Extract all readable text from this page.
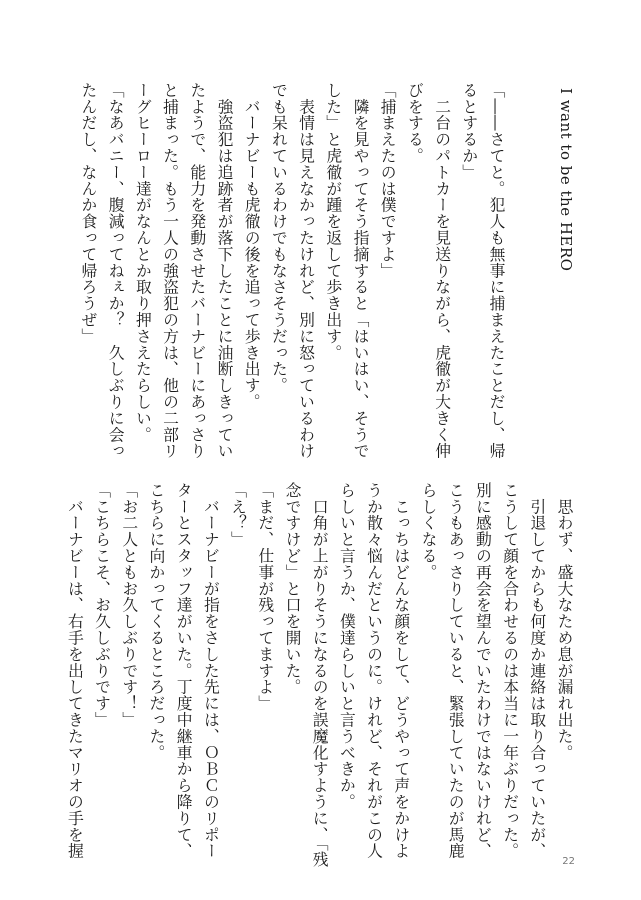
I want to be the HERO
「――さてと。犯人も無事に捕まえたことだし、帰
るとするか」
　二台のパトカーを見送りながら、虎徹が大きく伸
びをする。
「捕まえたのは僕ですよ」
　隣を見やってそう指摘すると「はいはい、そうで
した」と虎徹が踵を返して歩き出す。
　表情は見えなかったけれど、別に怒っているわけ
でも呆れているわけでもなさそうだった。
　バーナビーも虎徹の後を追って歩き出す。
　強盗犯は追跡者が落下したことに油断しきってい
たようで、能力を発動させたバーナビーにあっさり
と捕まった。もう一人の強盗犯の方は、他の二部リ
ーグヒーロー達がなんとか取り押さえたらしい。
「なあバニー、腹減ってねぇか？　久しぶりに会っ
たんだし、なんか食って帰ろうぜ」
　思わず、盛大なため息が漏れ出た。
　引退してからも何度か連絡は取り合っていたが、
こうして顔を合わせるのは本当に一年ぶりだった。
別に感動の再会を望んでいたわけではないけれど、
こうもあっさりしていると、緊張していたのが馬鹿
らしくなる。
　こっちはどんな顔をして、どうやって声をかけよ
うか散々悩んだというのに。けれど、それがこの人
らしいと言うか、僕達らしいと言うべきか。
　口角が上がりそうになるのを誤魔化すように、「残
念ですけど」と口を開いた。
「まだ、仕事が残ってますよ」
「え？」
　バーナビーが指をさした先には、ＯＢＣのリポー
ターとスタッフ達がいた。丁度中継車から降りて、
こちらに向かってくるところだった。
「お二人ともお久しぶりです！」
「こちらこそ、お久しぶりです」
　バーナビーは、右手を出してきたマリオの手を握
22
